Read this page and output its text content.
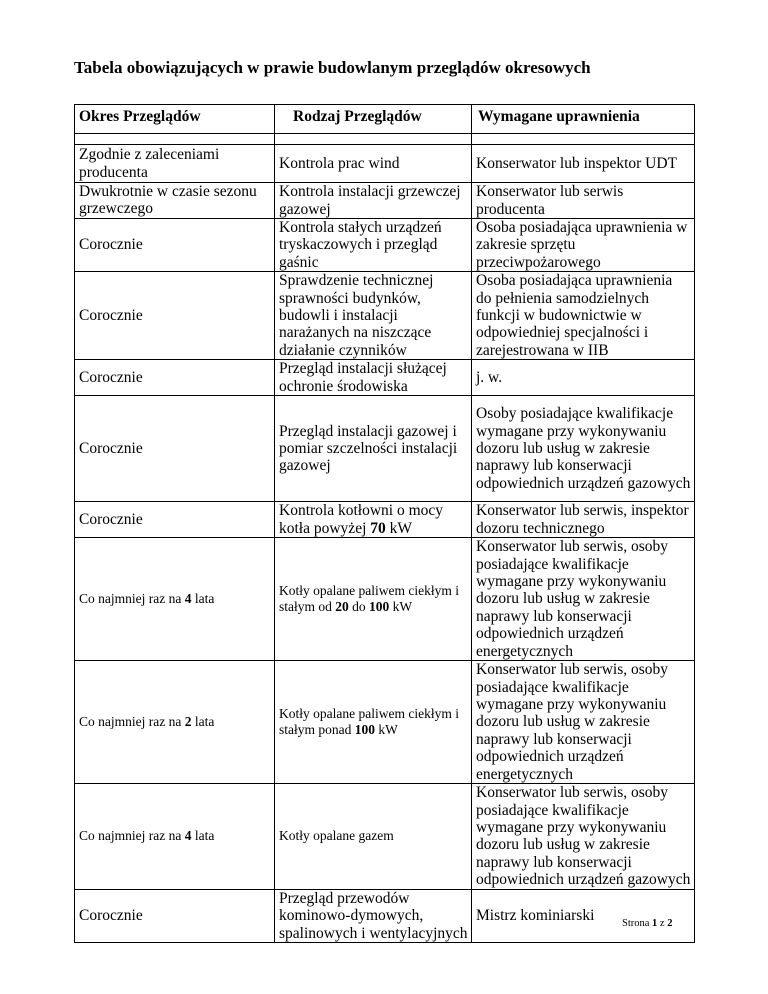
Tabela obowiązujących w prawie budowlanym przeglądów okresowych
Okres Przeglądów	Rodzaj Przeglądów	Wymagane uprawnienia

Zgodnie z zaleceniami producenta	Kontrola prac wind	Konserwator lub inspektor UDT
Dwukrotnie w czasie sezonu grzewczego	Kontrola instalacji grzewczej gazowej	Konserwator lub serwis producenta
Corocznie	Kontrola stałych urządzeń tryskaczowych i przegląd gaśnic	Osoba posiadająca uprawnienia w zakresie sprzętu przeciwpożarowego
Corocznie	Sprawdzenie technicznej sprawności budynków, budowli i instalacji narażanych na niszczące działanie czynników	Osoba posiadająca uprawnienia do pełnienia samodzielnych funkcji w budownictwie w odpowiedniej specjalności i zarejestrowana w IIB
Corocznie	Przegląd instalacji służącej ochronie środowiska	j. w.
Corocznie	Przegląd instalacji gazowej i pomiar szczelności instalacji gazowej	Osoby posiadające kwalifikacje wymagane przy wykonywaniu dozoru lub usług w zakresie naprawy lub konserwacji odpowiednich urządzeń gazowych
Corocznie	Kontrola kotłowni o mocy kotła powyżej 70 kW	Konserwator lub serwis, inspektor dozoru technicznego
Co najmniej raz na 4 lata	Kotły opalane paliwem ciekłym i stałym od 20 do 100 kW	Konserwator lub serwis, osoby posiadające kwalifikacje wymagane przy wykonywaniu dozoru lub usług w zakresie naprawy lub konserwacji odpowiednich urządzeń energetycznych
Co najmniej raz na 2 lata	Kotły opalane paliwem ciekłym i stałym ponad 100 kW	Konserwator lub serwis, osoby posiadające kwalifikacje wymagane przy wykonywaniu dozoru lub usług w zakresie naprawy lub konserwacji odpowiednich urządzeń energetycznych
Co najmniej raz na 4 lata	Kotły opalane gazem	Konserwator lub serwis, osoby posiadające kwalifikacje wymagane przy wykonywaniu dozoru lub usług w zakresie naprawy lub konserwacji odpowiednich urządzeń gazowych
Corocznie	Przegląd przewodów kominowo-dymowych, spalinowych i wentylacyjnych	Mistrz kominiarski	Strona 1 z 2
